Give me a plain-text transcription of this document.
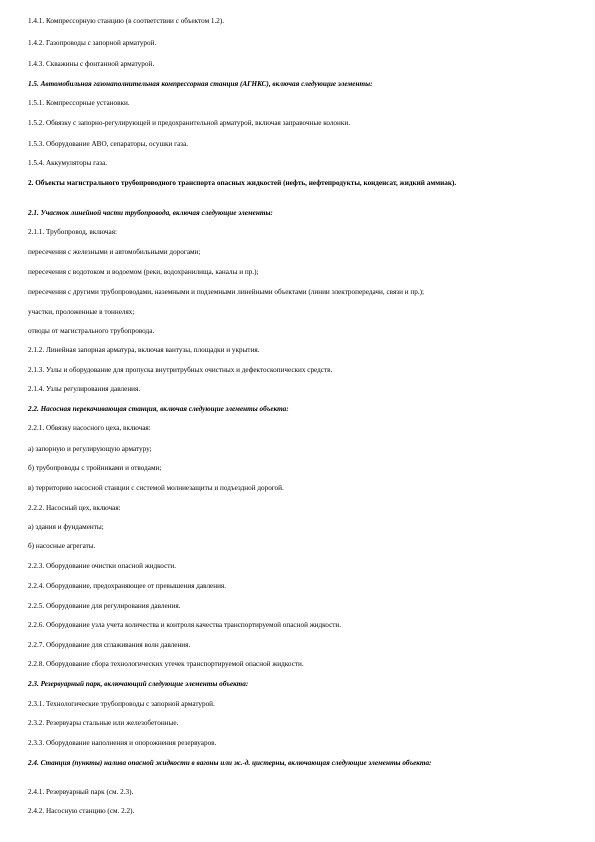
1.4.1. Компрессорную станцию (в соответствии с объектом 1.2).
1.4.2. Газопроводы с запорной арматурой.
1.4.3. Скважины с фонтанной арматурой.
1.5. Автомобильная газонаполнительная компрессорная станция (АГНКС), включая следующие элементы:
1.5.1. Компрессорные установки.
1.5.2. Обвязку с запорно-регулирующей и предохранительной арматурой, включая заправочные колонки.
1.5.3. Оборудование АВО, сепараторы, осушки газа.
1.5.4. Аккумуляторы газа.
2. Объекты магистрального трубопроводного транспорта опасных жидкостей (нефть, нефтепродукты, конденсат, жидкий аммиак).
2.1. Участок линейной части трубопровода, включая следующие элементы:
2.1.1. Трубопровод, включая:
пересечения с железными и автомобильными дорогами;
пересечения с водотоком и водоемом (реки, водохранилища, каналы и пр.);
пересечения с другими трубопроводами, наземными и подземными линейными объектами (линии электропередачи, связи и пр.);
участки, проложенные в тоннелях;
отводы от магистрального трубопровода.
2.1.2. Линейная запорная арматура, включая вантузы, площадки и укрытия.
2.1.3. Узлы и оборудование для пропуска внутритрубных очистных и дефектоскопических средств.
2.1.4. Узлы регулирования давления.
2.2. Насосная перекачивающая станция, включая следующие элементы объекта:
2.2.1. Обвязку насосного цеха, включая:
а) запорную и регулирующую арматуру;
б) трубопроводы с тройниками и отводами;
в) территорию насосной станции с системой молниезащиты и подъездной дорогой.
2.2.2. Насосный цех, включая:
а) здания и фундаменты;
б) насосные агрегаты.
2.2.3. Оборудование очистки опасной жидкости.
2.2.4. Оборудование, предохраняющее от превышения давления.
2.2.5. Оборудование для регулирования давления.
2.2.6. Оборудование узла учета количества и контроля качества транспортируемой опасной жидкости.
2.2.7. Оборудование для сглаживания волн давления.
2.2.8. Оборудование сбора технологических утечек транспортируемой опасной жидкости.
2.3. Резервуарный парк, включающий следующие элементы объекта:
2.3.1. Технологические трубопроводы с запорной арматурой.
2.3.2. Резервуары стальные или железобетонные.
2.3.3. Оборудование наполнения и опорожнения резервуаров.
2.4. Станция (пункты) налива опасной жидкости в вагоны или ж.-д. цистерны, включающая следующие элементы объекта:
2.4.1. Резервуарный парк (см. 2.3).
2.4.2. Насосную станцию (см. 2.2).
